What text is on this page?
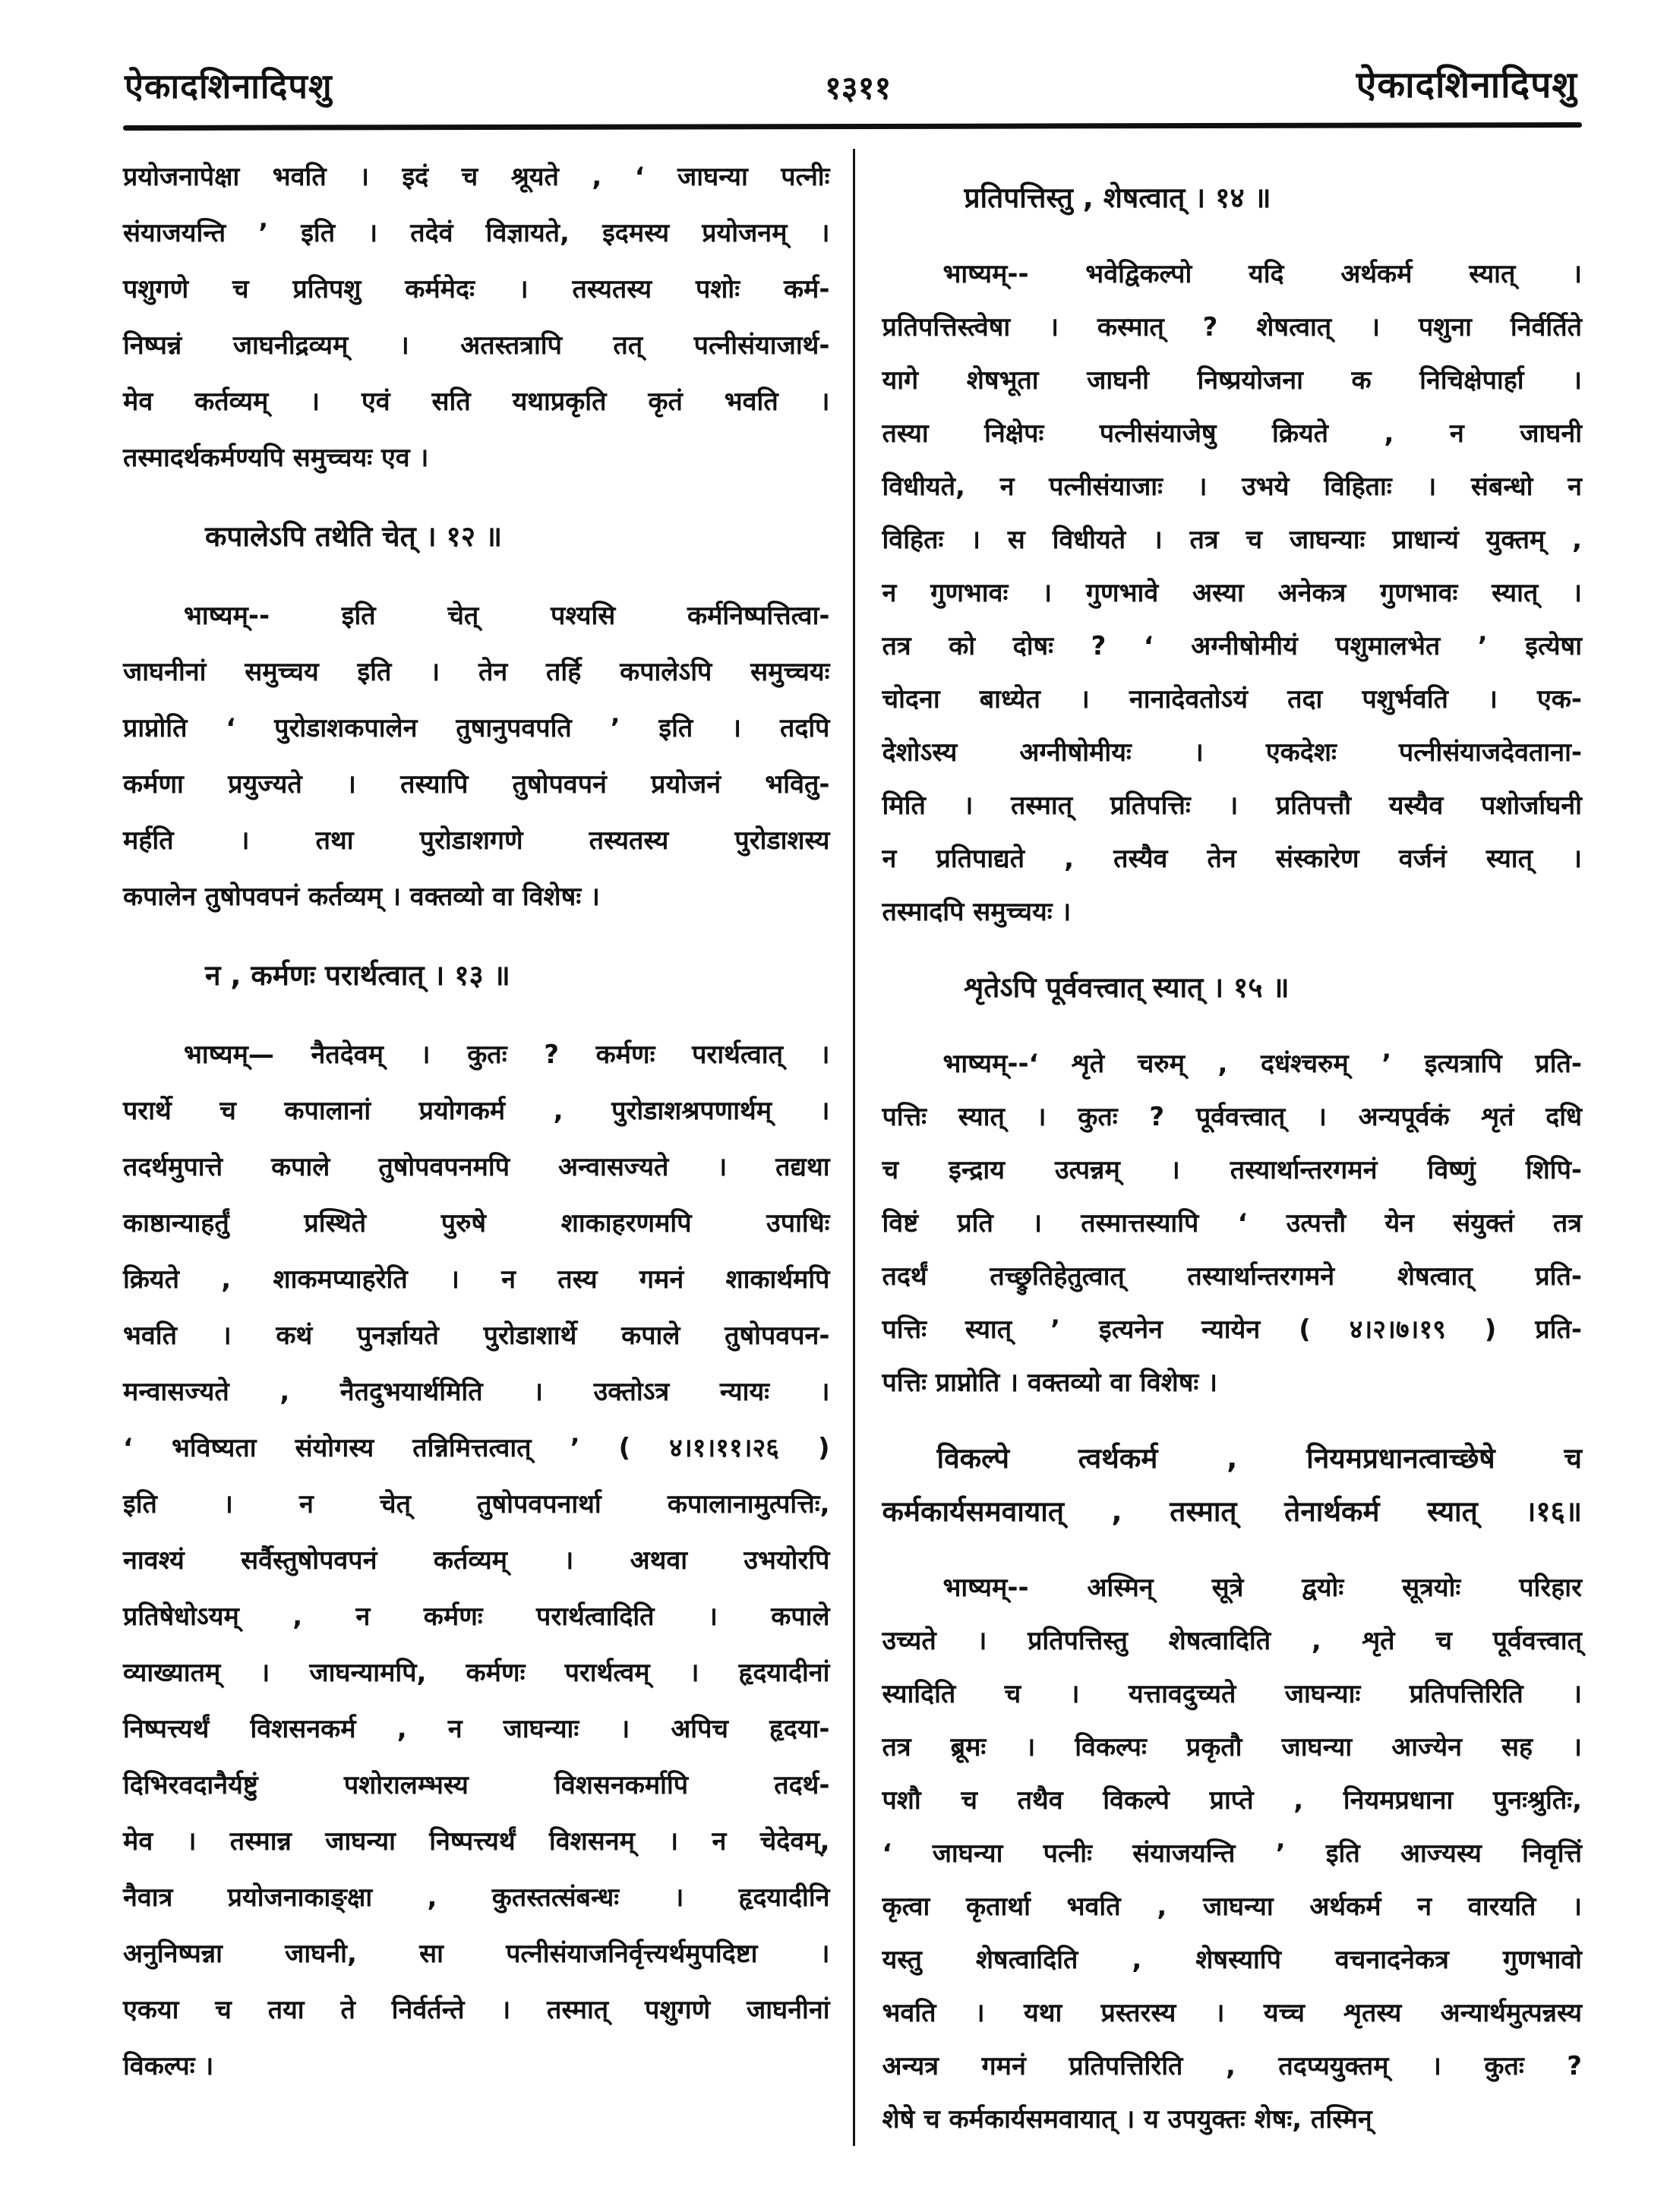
ऐकादशिनादिपशु	१३११	ऐकादशिनादिपशु
प्रयोजनापेक्षा भवति । इदं च श्रूयते , ‘ जाघन्या पत्नीः
संयाजयन्ति ’ इति । तदेवं विज्ञायते, इदमस्य प्रयोजनम् ।
पशुगणे च प्रतिपशु कर्ममेदः । तस्यतस्य पशोः कर्म-
निष्पन्नं जाघनीद्रव्यम् । अतस्तत्रापि तत् पत्नीसंयाजार्थ-
मेव कर्तव्यम् । एवं सति यथाप्रकृति कृतं भवति ।
तस्मादर्थकर्मण्यपि समुच्चयः एव ।
कपालेऽपि तथेति चेत् । १२ ॥
भाष्यम्-- इति चेत् पश्यसि कर्मनिष्पत्तित्वा-
जाघनीनां समुच्चय इति । तेन तर्हि कपालेऽपि समुच्चयः
प्राप्नोति ‘ पुरोडाशकपालेन तुषानुपवपति ’ इति । तदपि
कर्मणा प्रयुज्यते । तस्यापि तुषोपवपनं प्रयोजनं भवितु-
मर्हति । तथा पुरोडाशगणे तस्यतस्य पुरोडाशस्य
कपालेन तुषोपवपनं कर्तव्यम् । वक्तव्यो वा विशेषः ।
न , कर्मणः परार्थत्वात् । १३ ॥
भाष्यम्— नैतदेवम् । कुतः ? कर्मणः परार्थत्वात् ।
परार्थे च कपालानां प्रयोगकर्म , पुरोडाशश्रपणार्थम् ।
तदर्थमुपात्ते कपाले तुषोपवपनमपि अन्वासज्यते । तद्यथा
काष्ठान्याहर्तुं प्रस्थिते पुरुषे शाकाहरणमपि उपाधिः
क्रियते , शाकमप्याहरेति । न तस्य गमनं शाकार्थमपि
भवति । कथं पुनर्ज्ञायते पुरोडाशार्थे कपाले तुषोपवपन-
मन्वासज्यते , नैतदुभयार्थमिति । उक्तोऽत्र न्यायः ।
‘ भविष्यता संयोगस्य तन्निमित्तत्वात् ’ ( ४।१।११।२६ )
इति । न चेत् तुषोपवपनार्था कपालानामुत्पत्तिः,
नावश्यं सर्वैस्तुषोपवपनं कर्तव्यम् । अथवा उभयोरपि
प्रतिषेधोऽयम् , न कर्मणः परार्थत्वादिति । कपाले
व्याख्यातम् । जाघन्यामपि, कर्मणः परार्थत्वम् । हृदयादीनां
निष्पत्त्यर्थं विशसनकर्म , न जाघन्याः । अपिच हृदया-
दिभिरवदानैर्यष्टुं पशोरालम्भस्य विशसनकर्मापि तदर्थ-
मेव । तस्मान्न जाघन्या निष्पत्त्यर्थं विशसनम् । न चेदेवम्,
नैवात्र प्रयोजनाकाङ्क्षा , कुतस्तत्संबन्धः । हृदयादीनि
अनुनिष्पन्ना जाघनी, सा पत्नीसंयाजनिर्वृत्त्यर्थमुपदिष्टा ।
एकया च तया ते निर्वर्तन्ते । तस्मात् पशुगणे जाघनीनां
विकल्पः ।
प्रतिपत्तिस्तु , शेषत्वात् । १४ ॥
भाष्यम्-- भवेद्विकल्पो यदि अर्थकर्म स्यात् ।
प्रतिपत्तिस्त्वेषा । कस्मात् ? शेषत्वात् । पशुना निर्वर्तिते
यागे शेषभूता जाघनी निष्प्रयोजना क निचिक्षेपार्हा ।
तस्या निक्षेपः पत्नीसंयाजेषु क्रियते , न जाघनी
विधीयते, न पत्नीसंयाजाः । उभये विहिताः । संबन्धो न
विहितः । स विधीयते । तत्र च जाघन्याः प्राधान्यं युक्तम् ,
न गुणभावः । गुणभावे अस्या अनेकत्र गुणभावः स्यात् ।
तत्र को दोषः ? ‘ अग्नीषोमीयं पशुमालभेत ’ इत्येषा
चोदना बाध्येत । नानादेवतोऽयं तदा पशुर्भवति । एक-
देशोऽस्य अग्नीषोमीयः । एकदेशः पत्नीसंयाजदेवताना-
मिति । तस्मात् प्रतिपत्तिः । प्रतिपत्तौ यस्यैव पशोर्जाघनी
न प्रतिपाद्यते , तस्यैव तेन संस्कारेण वर्जनं स्यात् ।
तस्मादपि समुच्चयः ।
शृतेऽपि पूर्ववत्त्वात् स्यात् । १५ ॥
भाष्यम्--‘ शृते चरुम् , दधंश्चरुम् ’ इत्यत्रापि प्रति-
पत्तिः स्यात् । कुतः ? पूर्ववत्त्वात् । अन्यपूर्वकं शृतं दधि
च इन्द्राय उत्पन्नम् । तस्यार्थान्तरगमनं विष्णुं शिपि-
विष्टं प्रति । तस्मात्तस्यापि ‘ उत्पत्तौ येन संयुक्तं तत्र
तदर्थं तच्छ्रुतिहेतुत्वात् तस्यार्थान्तरगमने शेषत्वात् प्रति-
पत्तिः स्यात् ’ इत्यनेन न्यायेन ( ४।२।७।१९ ) प्रति-
पत्तिः प्राप्नोति । वक्तव्यो वा विशेषः ।
विकल्पे त्वर्थकर्म , नियमप्रधानत्वाच्छेषे च
कर्मकार्यसमवायात् , तस्मात् तेनार्थकर्म स्यात् ।१६॥
भाष्यम्-- अस्मिन् सूत्रे द्वयोः सूत्रयोः परिहार
उच्यते । प्रतिपत्तिस्तु शेषत्वादिति , शृते च पूर्ववत्त्वात्
स्यादिति च । यत्तावदुच्यते जाघन्याः प्रतिपत्तिरिति ।
तत्र ब्रूमः । विकल्पः प्रकृतौ जाघन्या आज्येन सह ।
पशौ च तथैव विकल्पे प्राप्ते , नियमप्रधाना पुनःश्रुतिः,
‘ जाघन्या पत्नीः संयाजयन्ति ’ इति आज्यस्य निवृत्तिं
कृत्वा कृतार्था भवति , जाघन्या अर्थकर्म न वारयति ।
यस्तु शेषत्वादिति , शेषस्यापि वचनादनेकत्र गुणभावो
भवति । यथा प्रस्तरस्य । यच्च शृतस्य अन्यार्थमुत्पन्नस्य
अन्यत्र गमनं प्रतिपत्तिरिति , तदप्ययुक्तम् । कुतः ?
शेषे च कर्मकार्यसमवायात् । य उपयुक्तः शेषः, तस्मिन्
